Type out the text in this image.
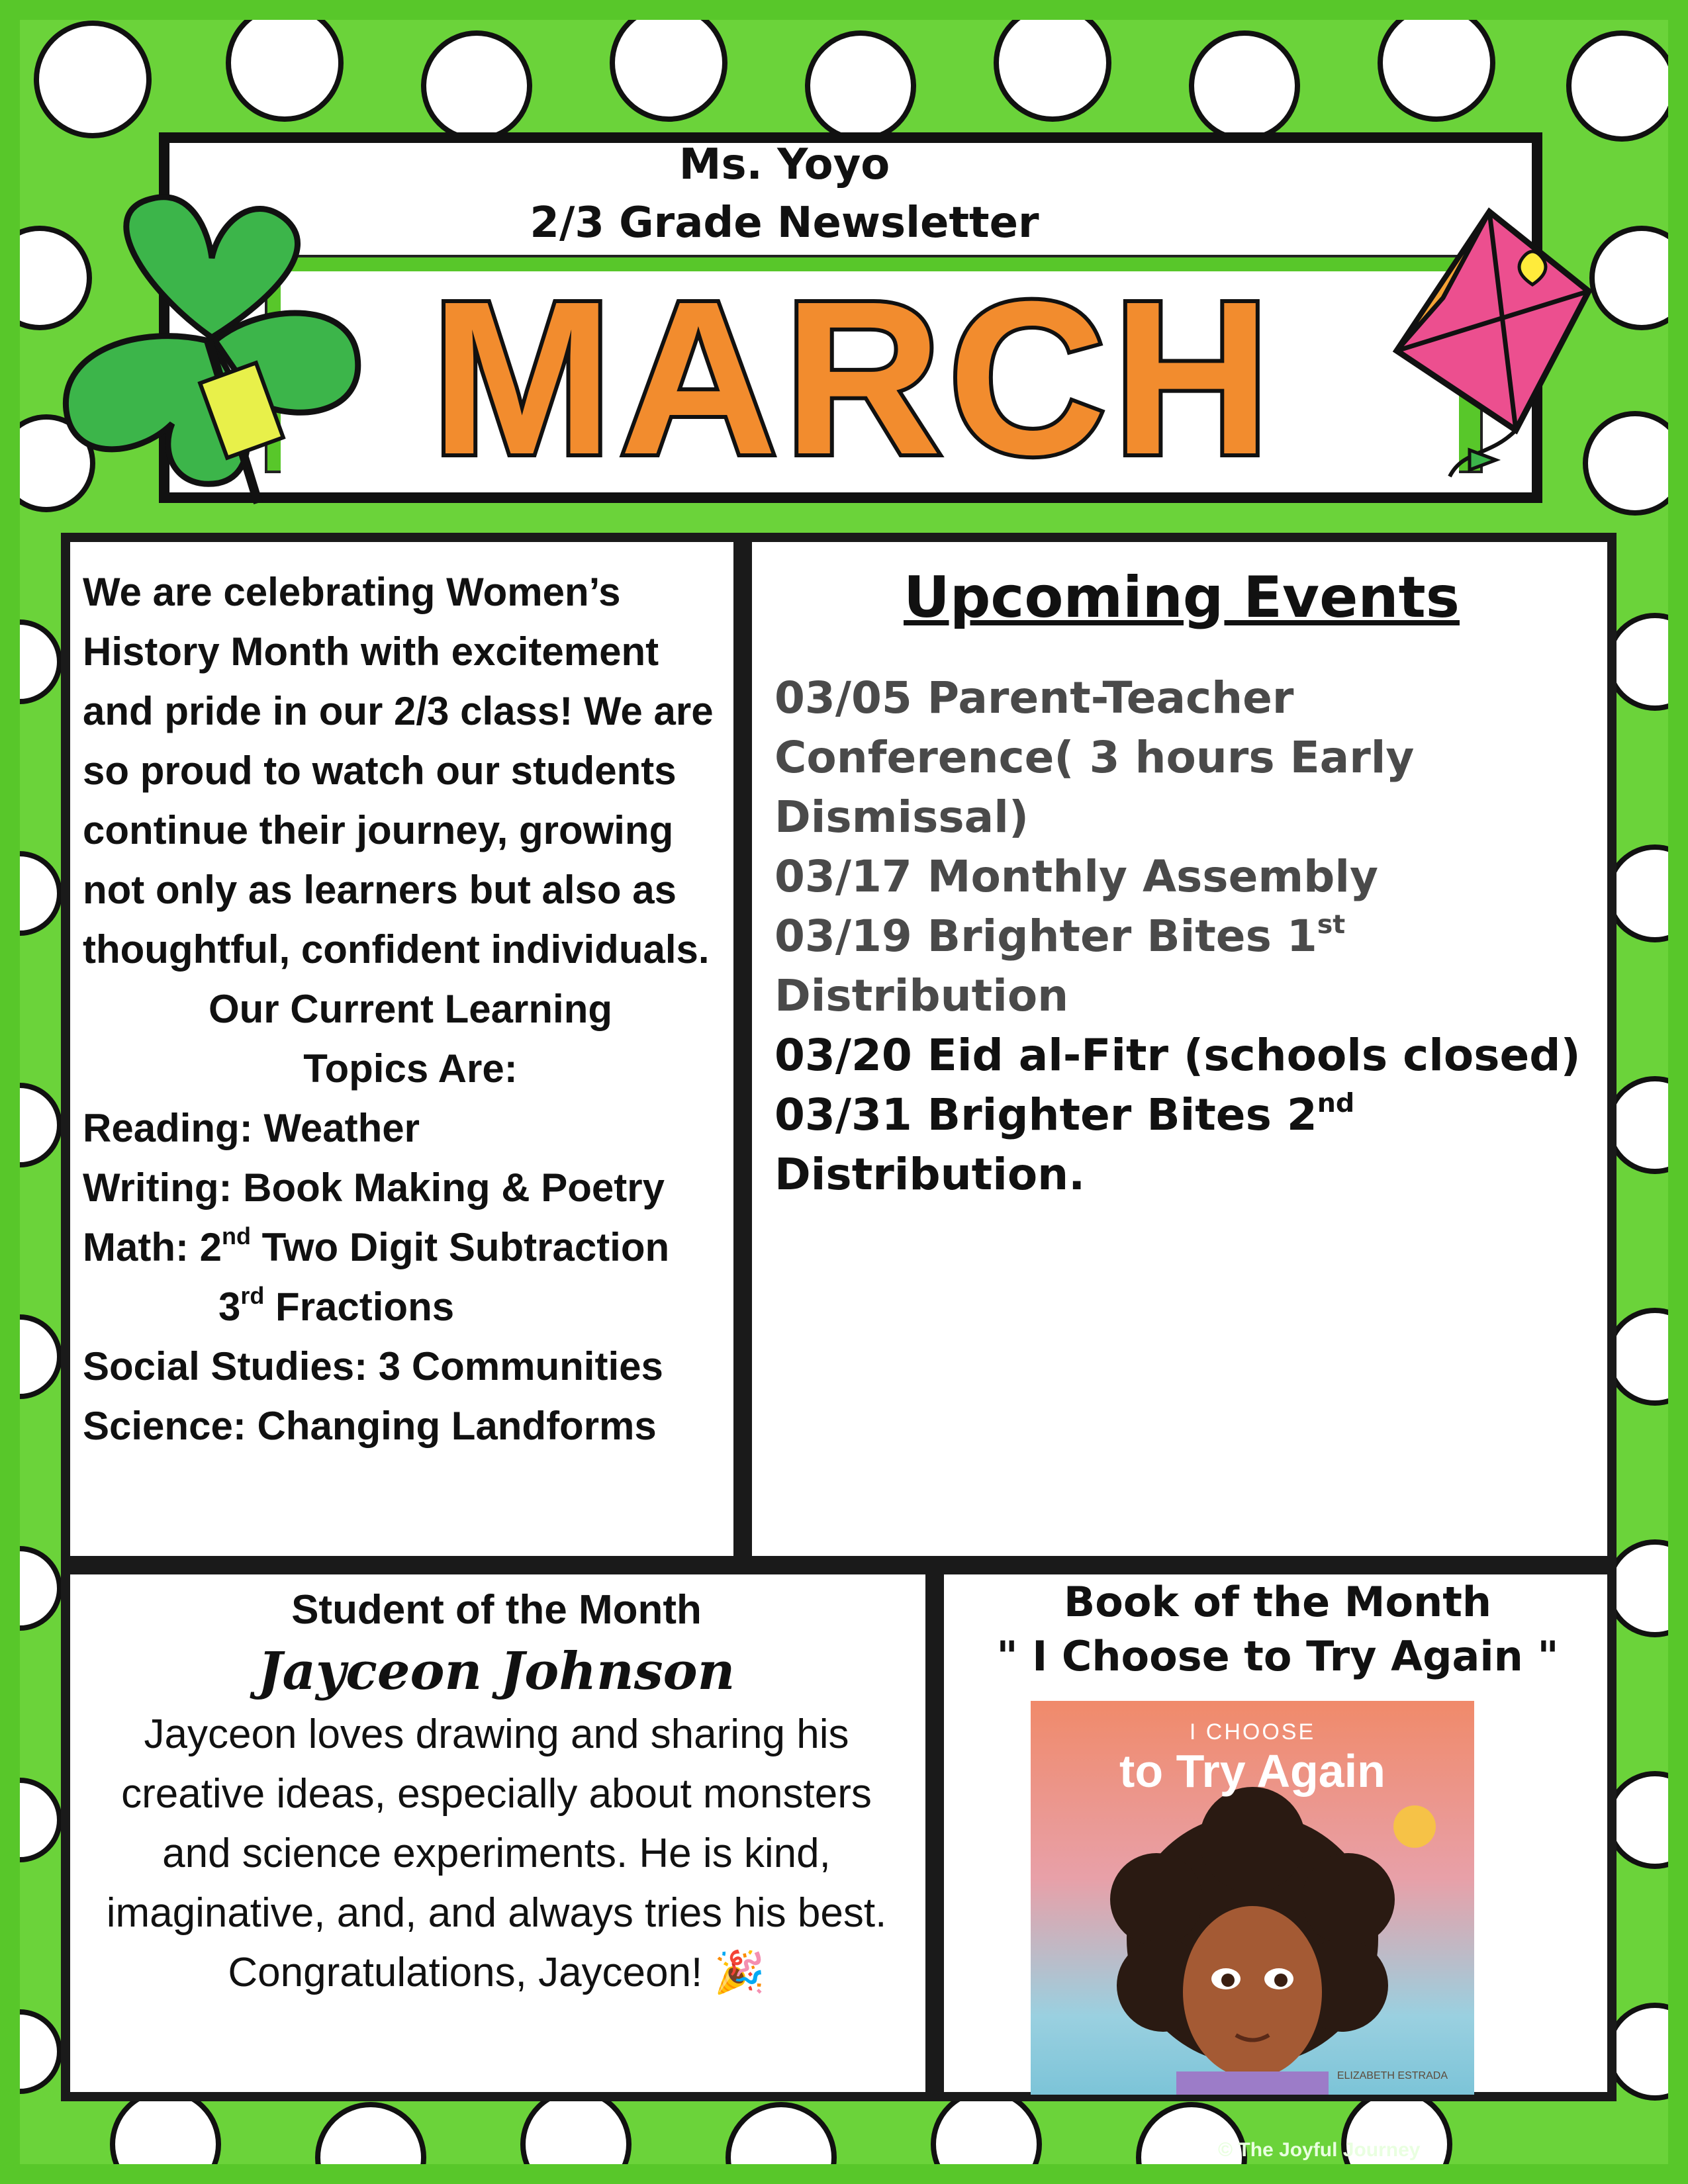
Ms. Yoyo
2/3 Grade Newsletter
MARCH

We are celebrating Women’s History Month with excitement and pride in our 2/3 class! We are so proud to watch our students continue their journey, growing not only as learners but also as thoughtful, confident individuals.

Our Current Learning

Topics Are:

Reading: Weather

Writing: Book Making & Poetry

Math: 2nd Two Digit Subtraction

3rd Fractions

Social Studies: 3 Communities

Science: Changing Landforms

Upcoming Events

03/05 Parent-Teacher Conference( 3 hours Early Dismissal)

03/17 Monthly Assembly

03/19 Brighter Bites 1st Distribution

03/20 Eid al-Fitr (schools closed)

03/31 Brighter Bites 2nd Distribution.

Student of the Month
Jayceon Johnson
Jayceon loves drawing and sharing his creative ideas, especially about monsters and science experiments. He is kind, imaginative, and, and always tries his best.
Congratulations, Jayceon! 🎉
Book of the Month
" I Choose to Try Again "
I CHOOSE
to Try Again
ELIZABETH ESTRADA
© The Joyful Journey
